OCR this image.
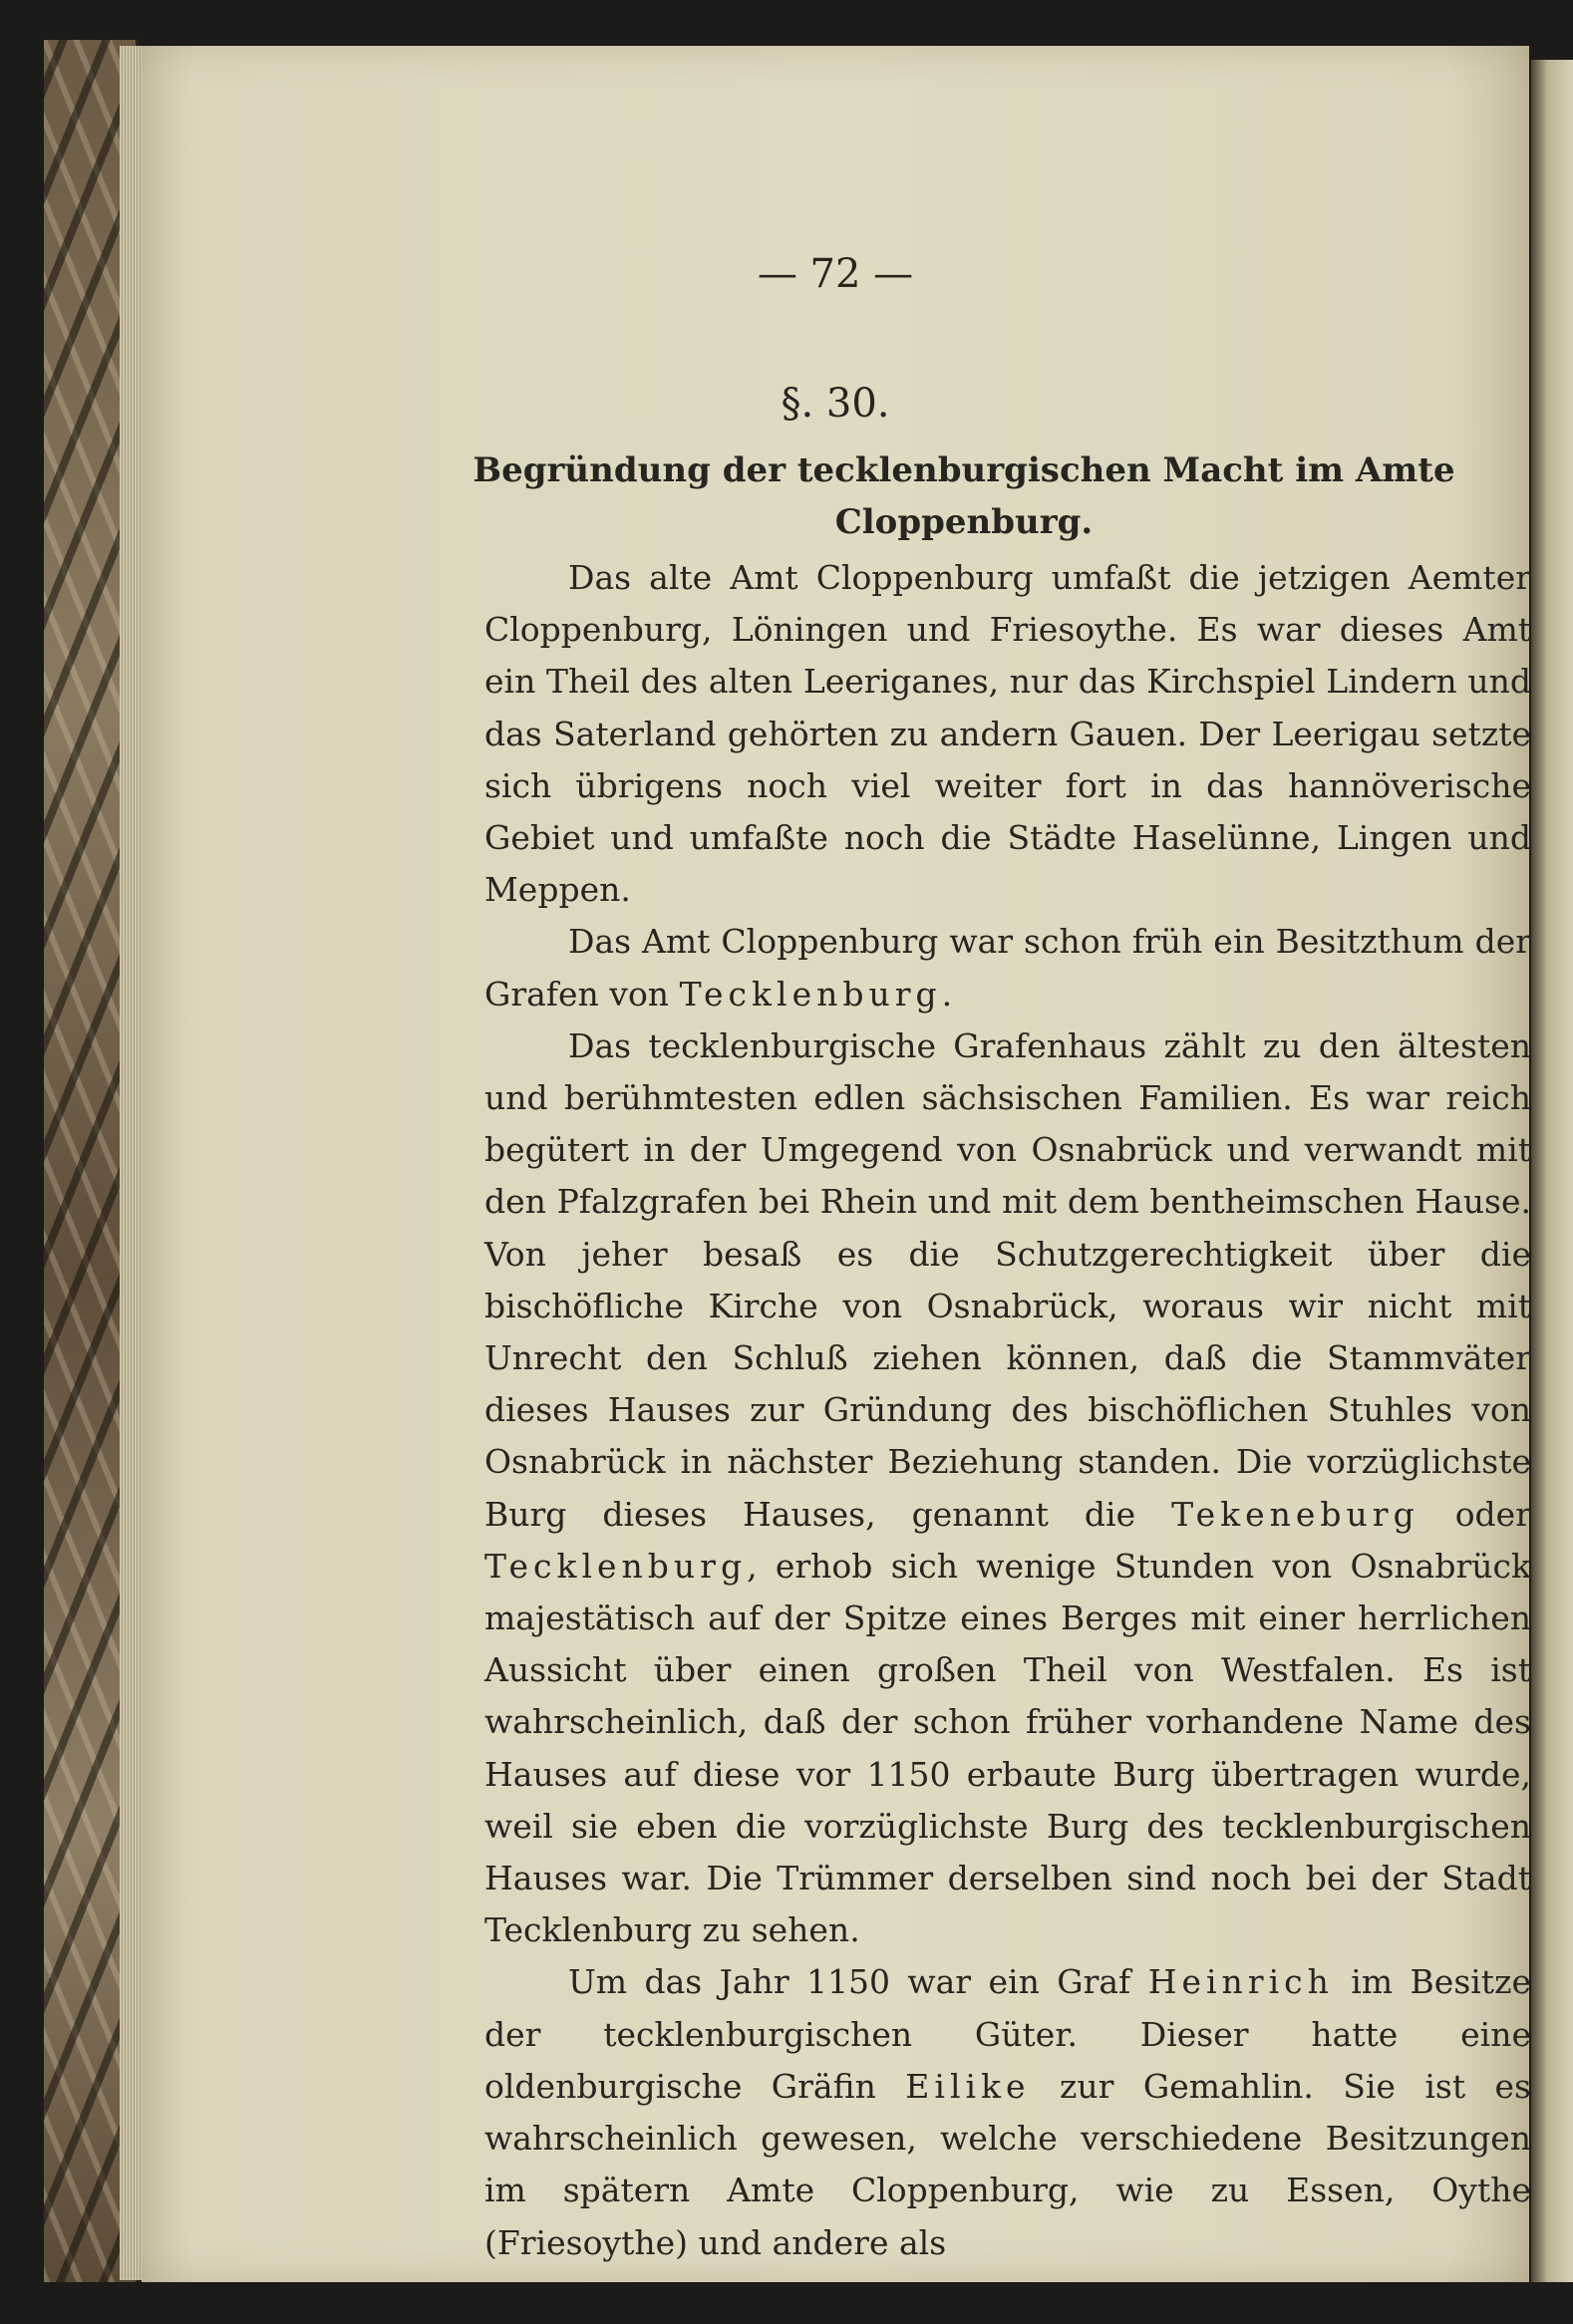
— 72 —
§. 30.
Begründung der tecklenburgischen Macht im Amte Cloppenburg.

Das alte Amt Cloppenburg umfaßt die jetzigen Aemter Cloppenburg, Löningen und Friesoythe. Es war dieses Amt ein Theil des alten Leeriganes, nur das Kirchspiel Lindern und das Saterland gehörten zu andern Gauen. Der Leerigau setzte sich übrigens noch viel weiter fort in das hannöverische Gebiet und umfaßte noch die Städte Haselünne, Lingen und Meppen.

Das Amt Cloppenburg war schon früh ein Besitzthum der Grafen von Tecklenburg.

Das tecklenburgische Grafenhaus zählt zu den ältesten und berühmtesten edlen sächsischen Familien. Es war reich begütert in der Umgegend von Osnabrück und verwandt mit den Pfalzgrafen bei Rhein und mit dem bentheimschen Hause. Von jeher besaß es die Schutzgerechtigkeit über die bischöfliche Kirche von Osnabrück, woraus wir nicht mit Unrecht den Schluß ziehen können, daß die Stammväter dieses Hauses zur Gründung des bischöflichen Stuhles von Osnabrück in nächster Beziehung standen. Die vorzüglichste Burg dieses Hauses, genannt die Tekeneburg oder Tecklenburg, erhob sich wenige Stunden von Osnabrück majestätisch auf der Spitze eines Berges mit einer herrlichen Aussicht über einen großen Theil von Westfalen. Es ist wahrscheinlich, daß der schon früher vorhandene Name des Hauses auf diese vor 1150 erbaute Burg übertragen wurde, weil sie eben die vorzüglichste Burg des tecklenburgischen Hauses war. Die Trümmer derselben sind noch bei der Stadt Tecklenburg zu sehen.

Um das Jahr 1150 war ein Graf Heinrich im Besitze der tecklenburgischen Güter. Dieser hatte eine oldenburgische Gräfin Eilike zur Gemahlin. Sie ist es wahrscheinlich gewesen, welche verschiedene Besitzungen im spätern Amte Cloppenburg, wie zu Essen, Oythe (Friesoythe) und andere als
